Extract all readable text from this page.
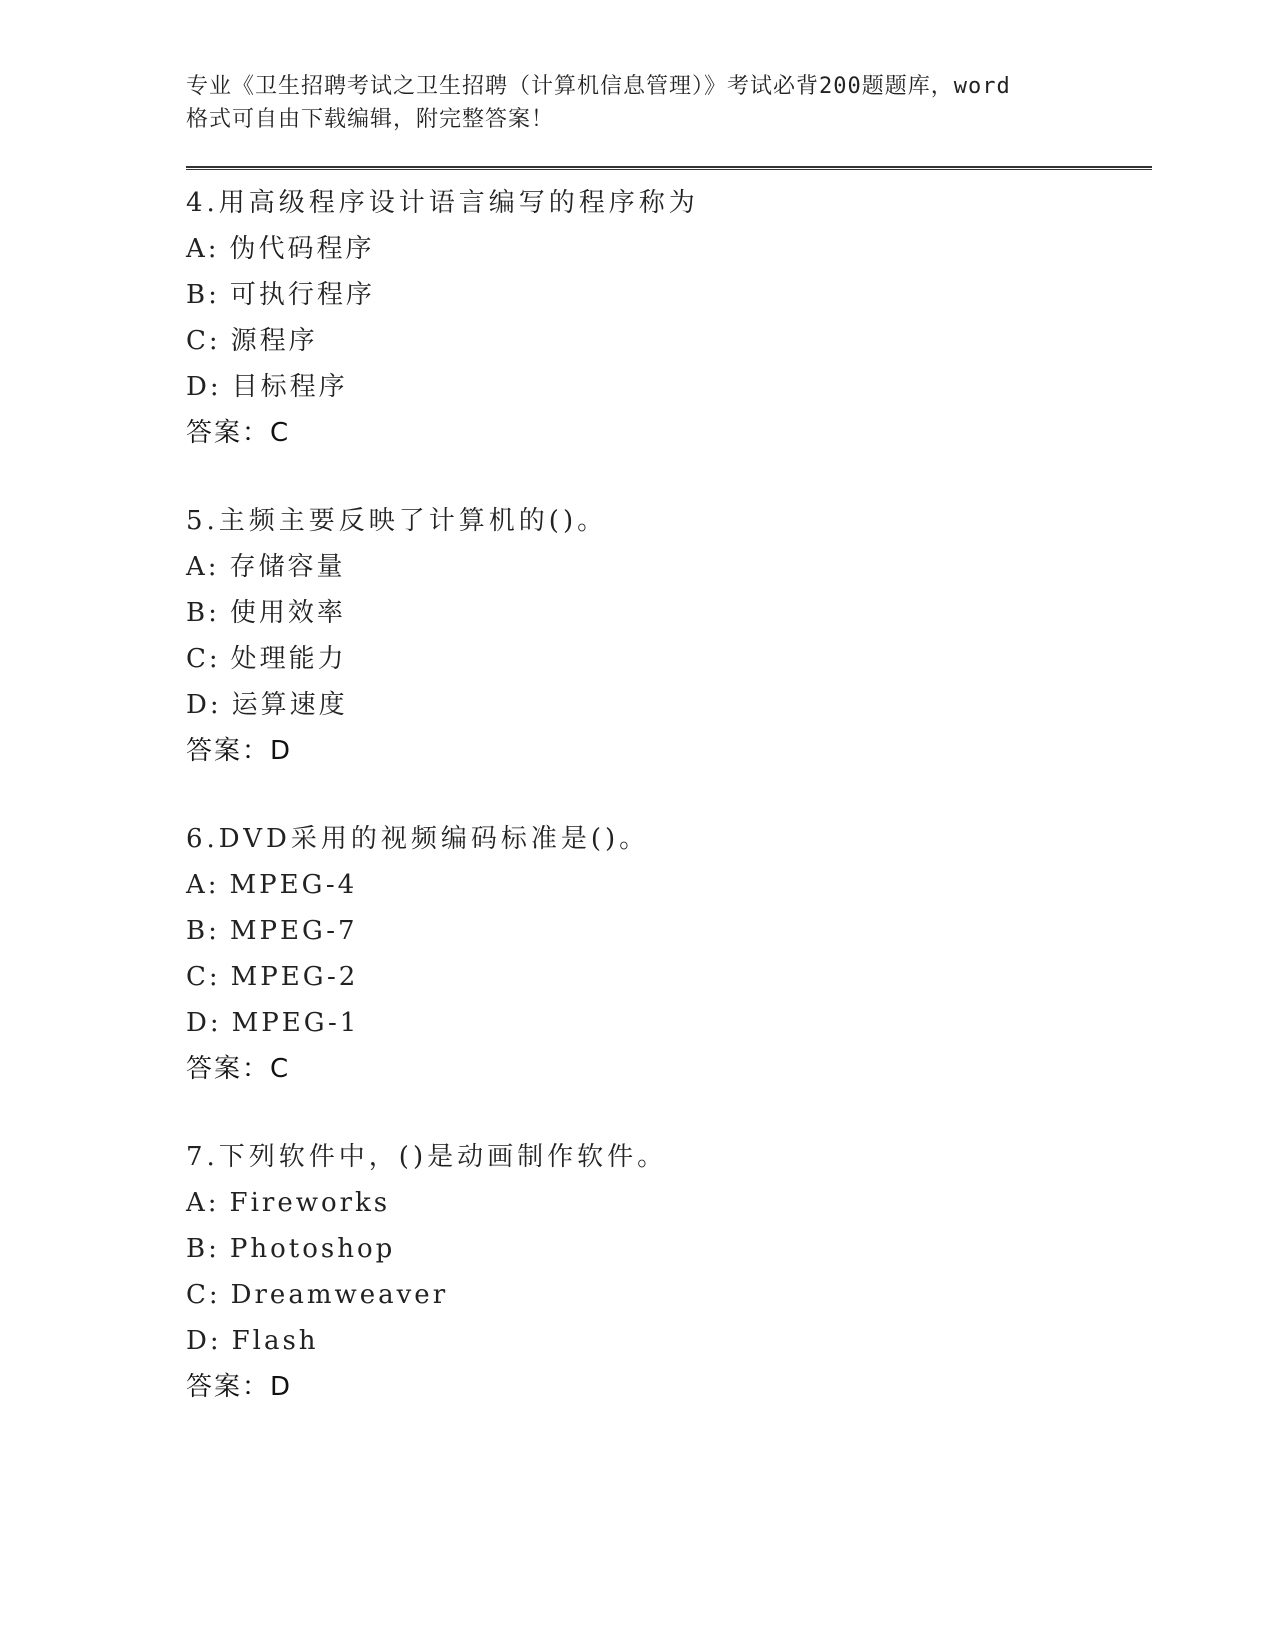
专业《卫生招聘考试之卫生招聘（计算机信息管理）》考试必背200题题库，word
格式可自由下载编辑，附完整答案！
4.用高级程序设计语言编写的程序称为
A: 伪代码程序
B: 可执行程序
C: 源程序
D: 目标程序
答案：C
5.主频主要反映了计算机的()。
A: 存储容量
B: 使用效率
C: 处理能力
D: 运算速度
答案：D
6.DVD采用的视频编码标准是()。
A: MPEG-4
B: MPEG-7
C: MPEG-2
D: MPEG-1
答案：C
7.下列软件中，()是动画制作软件。
A: Fireworks
B: Photoshop
C: Dreamweaver
D: Flash
答案：D
